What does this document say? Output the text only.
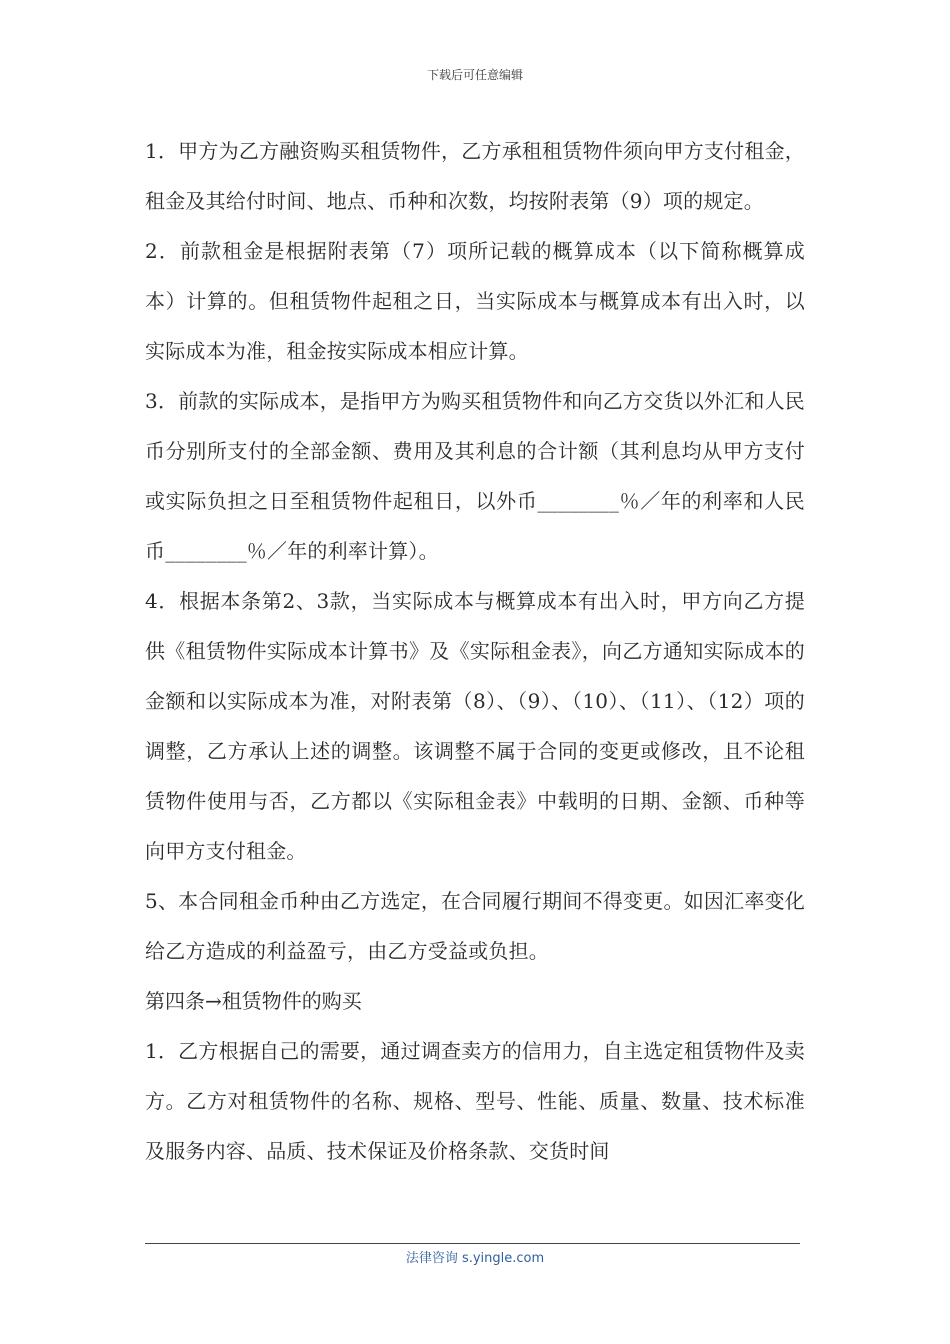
下载后可任意编辑

1．甲方为乙方融资购买租赁物件，乙方承租租赁物件须向甲方支付租金，租金及其给付时间、地点、币种和次数，均按附表第（9）项的规定。

2．前款租金是根据附表第（7）项所记载的概算成本（以下简称概算成本）计算的。但租赁物件起租之日，当实际成本与概算成本有出入时，以实际成本为准，租金按实际成本相应计算。

3．前款的实际成本，是指甲方为购买租赁物件和向乙方交货以外汇和人民币分别所支付的全部金额、费用及其利息的合计额（其利息均从甲方支付或实际负担之日至租赁物件起租日，以外币________％／年的利率和人民币________％／年的利率计算）。

4．根据本条第2、3款，当实际成本与概算成本有出入时，甲方向乙方提供《租赁物件实际成本计算书》及《实际租金表》，向乙方通知实际成本的金额和以实际成本为准，对附表第（8）、（9）、（10）、（11）、（12）项的调整，乙方承认上述的调整。该调整不属于合同的变更或修改，且不论租赁物件使用与否，乙方都以《实际租金表》中载明的日期、金额、币种等向甲方支付租金。

5、本合同租金币种由乙方选定，在合同履行期间不得变更。如因汇率变化给乙方造成的利益盈亏，由乙方受益或负担。

第四条→租赁物件的购买

1．乙方根据自己的需要，通过调查卖方的信用力，自主选定租赁物件及卖方。乙方对租赁物件的名称、规格、型号、性能、质量、数量、技术标准及服务内容、品质、技术保证及价格条款、交货时间

法律咨询 s.yingle.com
